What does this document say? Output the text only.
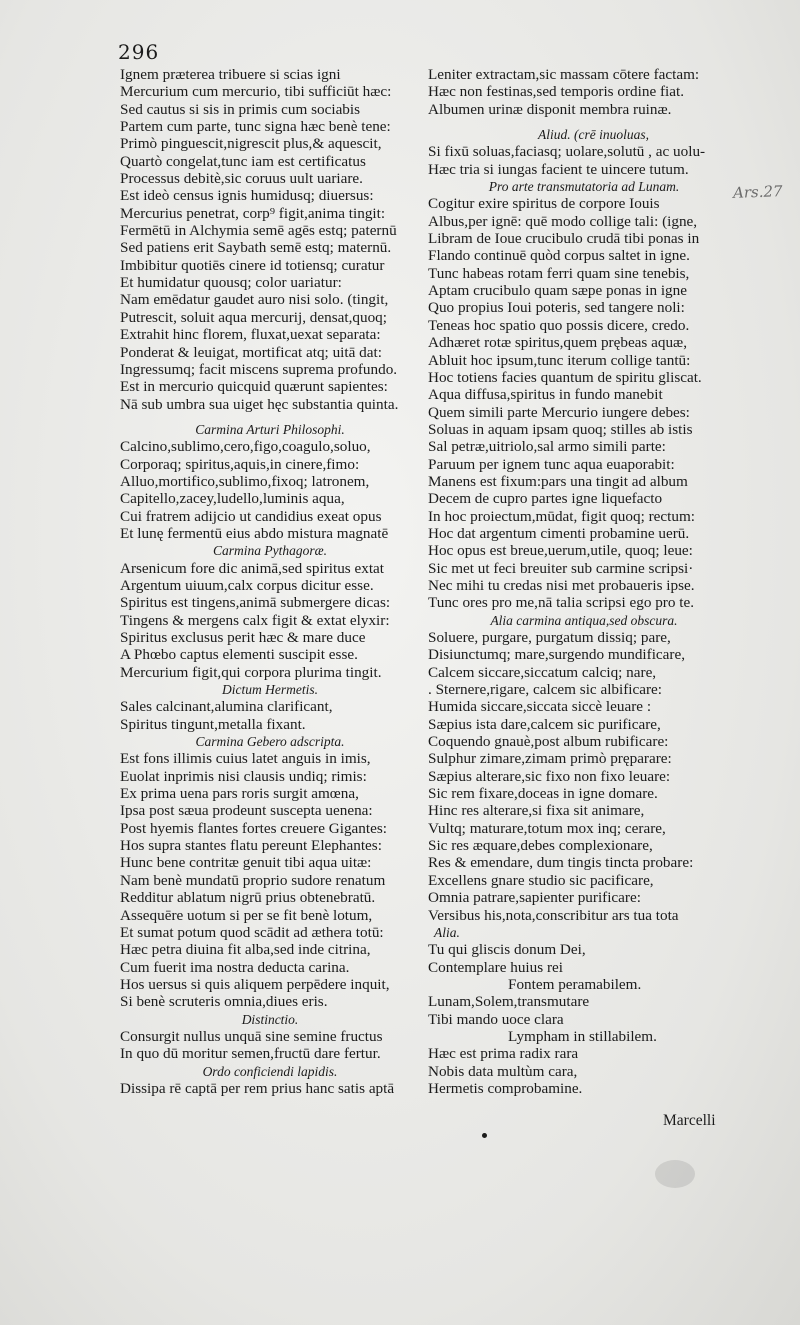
296
Ignem præterea tribuere si scias igni
Mercurium cum mercurio, tibi sufficiūt hæc:
Sed cautus si sis in primis cum sociabis
Partem cum parte, tunc signa hæc benè tene:
Primò pinguescit,nigrescit plus,& aquescit,
Quartò congelat,tunc iam est certificatus
Processus debitè,sic coruus uult uariare.
Est ideò census ignis humidusq; diuersus:
Mercurius penetrat, corp⁹ figit,anima tingit:
Fermētū in Alchymia semē agēs estq; paternū
Sed patiens erit Saybath semē estq; maternū.
Imbibitur quotiēs cinere id totiensq; curatur
Et humidatur quousq; color uariatur:
Nam emēdatur gaudet auro nisi solo. (tingit,
Putrescit, soluit aqua mercurij, densat,quoq;
Extrahit hinc florem, fluxat,uexat separata:
Ponderat & leuigat, mortificat atq; uitā dat:
Ingressumq; facit miscens suprema profundo.
Est in mercurio quicquid quærunt sapientes:
Nā sub umbra sua uiget hęc substantia quinta.
Carmina Arturi Philosophi.
Calcino,sublimo,cero,figo,coagulo,soluo,
Corporaq; spiritus,aquis,in cinere,fimo:
Alluo,mortifico,sublimo,fixoq; latronem,
Capitello,zacey,ludello,luminis aqua,
Cui fratrem adijcio ut candidius exeat opus
Et lunę fermentū eius abdo mistura magnatē
Carmina Pythagoræ.
Arsenicum fore dic animā,sed spiritus extat
Argentum uiuum,calx corpus dicitur esse.
Spiritus est tingens,animā submergere dicas:
Tingens & mergens calx figit & extat elyxir:
Spiritus exclusus perit hæc & mare duce
A Phœbo captus elementi suscipit esse.
Mercurium figit,qui corpora plurima tingit.
Dictum Hermetis.
Sales calcinant,alumina clarificant,
Spiritus tingunt,metalla fixant.
Carmina Gebero adscripta.
Est fons illimis cuius latet anguis in imis,
Euolat inprimis nisi clausis undiq; rimis:
Ex prima uena pars roris surgit amœna,
Ipsa post sæua prodeunt suscepta uenena:
Post hyemis flantes fortes creuere Gigantes:
Hos supra stantes flatu pereunt Elephantes:
Hunc bene contritæ genuit tibi aqua uitæ:
Nam benè mundatū proprio sudore renatum
Redditur ablatum nigrū prius obtenebratū.
Assequēre uotum si per se fit benè lotum,
Et sumat potum quod scādit ad æthera totū:
Hæc petra diuina fit alba,sed inde citrina,
Cum fuerit ima nostra deducta carina.
Hos uersus si quis aliquem perpēdere inquit,
Si benè scruteris omnia,diues eris.
Distinctio.
Consurgit nullus unquā sine semine fructus
In quo dū moritur semen,fructū dare fertur.
Ordo conficiendi lapidis.
Dissipa rē captā per rem prius hanc satis aptā
Leniter extractam,sic massam cōtere factam:
Hæc non festinas,sed temporis ordine fiat.
Albumen urinæ disponit membra ruinæ.
Aliud. (crē inuoluas,
Si fixū soluas,faciasq; uolare,solutū , ac uolu-
Hæc tria si iungas facient te uincere tutum.
Pro arte transmutatoria ad Lunam.
Cogitur exire spiritus de corpore Iouis
Albus,per ignē: quē modo collige tali: (igne,
Libram de Ioue crucibulo crudā tibi ponas in
Flando continuē quòd corpus saltet in igne.
Tunc habeas rotam ferri quam sine tenebis,
Aptam crucibulo quam sæpe ponas in igne
Quo propius Ioui poteris, sed tangere noli:
Teneas hoc spatio quo possis dicere, credo.
Adhæret rotæ spiritus,quem prębeas aquæ,
Abluit hoc ipsum,tunc iterum collige tantū:
Hoc totiens facies quantum de spiritu gliscat.
Aqua diffusa,spiritus in fundo manebit
Quem simili parte Mercurio iungere debes:
Soluas in aquam ipsam quoq; stilles ab istis
Sal petræ,uitriolo,sal armo simili parte:
Paruum per ignem tunc aqua euaporabit:
Manens est fixum:pars una tingit ad album
Decem de cupro partes igne liquefacto
In hoc proiectum,mūdat, figit quoq; rectum:
Hoc dat argentum cimenti probamine uerū.
Hoc opus est breue,uerum,utile, quoq; leue:
Sic met ut feci breuiter sub carmine scripsi·
Nec mihi tu credas nisi met probaueris ipse.
Tunc ores pro me,nā talia scripsi ego pro te.
Alia carmina antiqua,sed obscura.
Soluere, purgare, purgatum dissiq; pare,
Disiunctumq; mare,surgendo mundificare,
Calcem siccare,siccatum calciq; nare,
. Sternere,rigare, calcem sic albificare:
Humida siccare,siccata siccè leuare :
Sæpius ista dare,calcem sic purificare,
Coquendo gnauè,post album rubificare:
Sulphur zimare,zimam primò pręparare:
Sæpius alterare,sic fixo non fixo leuare:
Sic rem fixare,doceas in igne domare.
Hinc res alterare,si fixa sit animare,
Vultq; maturare,totum mox inq; cerare,
Sic res æquare,debes complexionare,
Res & emendare, dum tingis tincta probare:
Excellens gnare studio sic pacificare,
Omnia patrare,sapienter purificare:
Versibus his,nota,conscribitur ars tua tota
Alia.
Tu qui gliscis donum Dei,
Contemplare huius rei
Fontem peramabilem.
Lunam,Solem,transmutare
Tibi mando uoce clara
Lympham in stillabilem.
Hæc est prima radix rara
Nobis data multùm cara,
Hermetis comprobamine.
Ars.27
Marcelli
